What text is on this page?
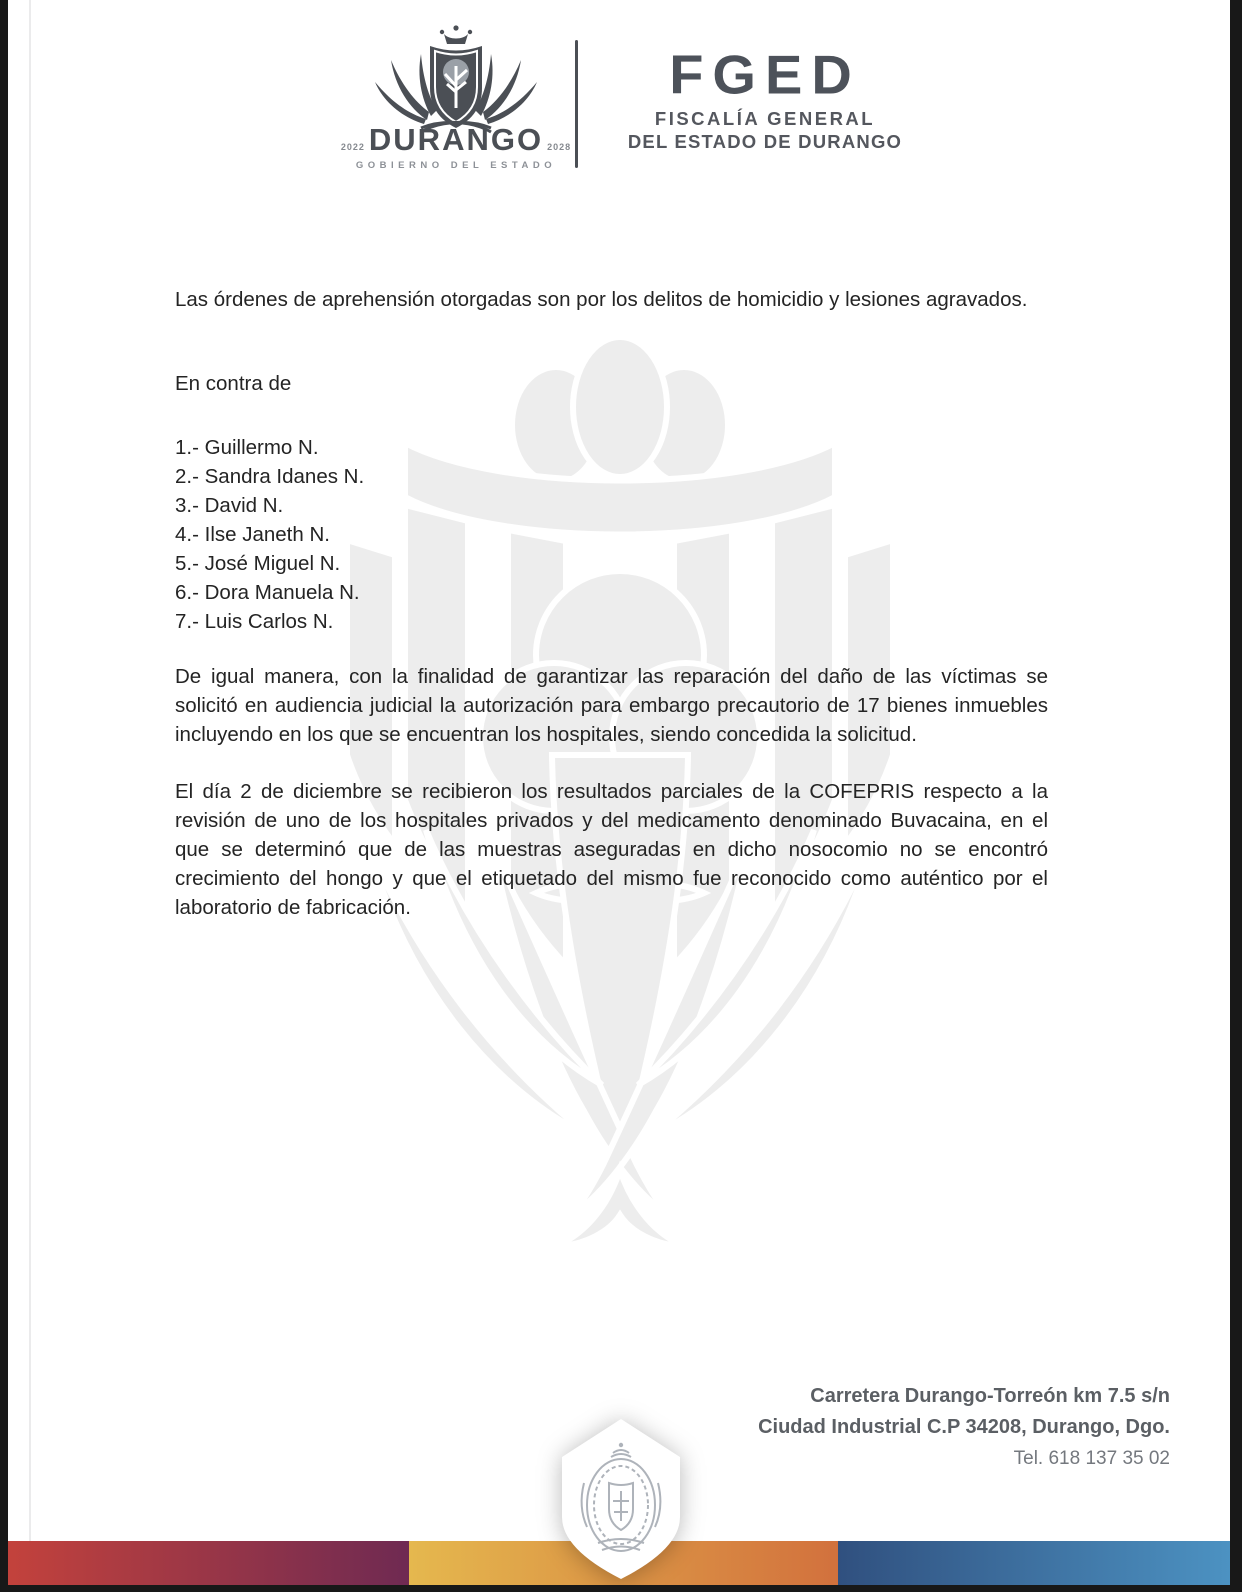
2022 DURANGO 2028
GOBIERNO DEL ESTADO
FGED
FISCALÍA GENERAL
DEL ESTADO DE DURANGO

Las órdenes de aprehensión otorgadas son por los delitos de homicidio y lesiones agravados.

En contra de

1.- Guillermo N.
2.- Sandra Idanes N.
3.- David N.
4.- Ilse Janeth N.
5.- José Miguel N.
6.- Dora Manuela N.
7.- Luis Carlos N.

De igual manera, con la finalidad de garantizar las reparación del daño de las víctimas se solicitó en audiencia judicial la autorización para embargo precautorio de 17 bienes inmuebles incluyendo en los que se encuentran los hospitales, siendo concedida la solicitud.

El día 2 de diciembre se recibieron los resultados parciales de la COFEPRIS respecto a la revisión de uno de los hospitales privados y del medicamento denominado Buvacaina, en el que se determinó que de las muestras aseguradas en dicho nosocomio no se encontró crecimiento del hongo y que el etiquetado del mismo fue reconocido como auténtico por el laboratorio de fabricación.

Carretera Durango-Torreón km 7.5 s/n
Ciudad Industrial C.P 34208, Durango, Dgo.
Tel. 618 137 35 02
